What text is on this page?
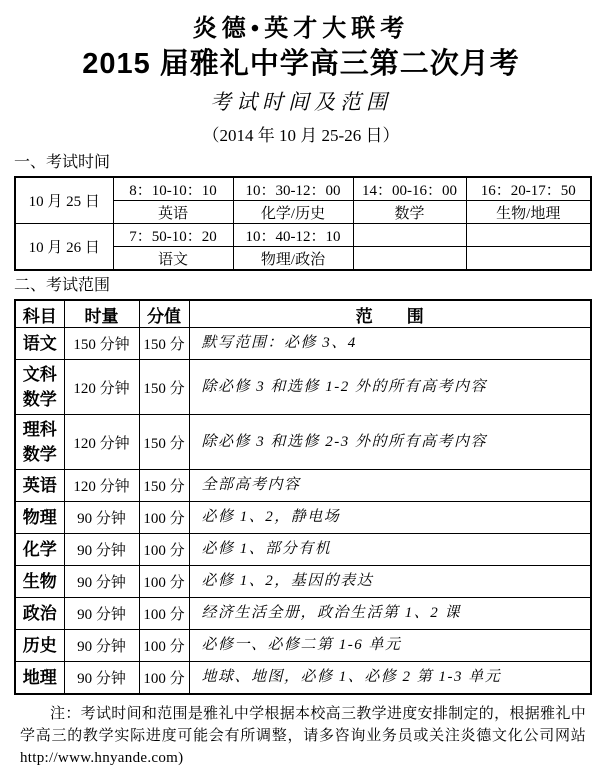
炎德•英才大联考
2015 届雅礼中学高三第二次月考
考试时间及范围
（2014 年 10 月 25-26 日）
一、考试时间
10 月 25 日	8：10-10：10	10：30-12：00	14：00-16：00	16：20-17：50
	英语	化学/历史	数学	生物/地理
10 月 26 日	7：50-10：20	10：40-12：10		
	语文	物理/政治		
二、考试范围
科目	时量	分值	范　　围
语文	150 分钟	150 分	默写范围：必修 3、4
文科数学	120 分钟	150 分	除必修 3 和选修 1-2 外的所有高考内容
理科数学	120 分钟	150 分	除必修 3 和选修 2-3 外的所有高考内容
英语	120 分钟	150 分	全部高考内容
物理	90 分钟	100 分	必修 1、2，静电场
化学	90 分钟	100 分	必修 1、部分有机
生物	90 分钟	100 分	必修 1、2，基因的表达
政治	90 分钟	100 分	经济生活全册，政治生活第 1、2 课
历史	90 分钟	100 分	必修一、必修二第 1-6 单元
地理	90 分钟	100 分	地球、地图，必修 1、必修 2 第 1-3 单元

注：考试时间和范围是雅礼中学根据本校高三教学进度安排制定的，根据雅礼中学高三的教学实际进度可能会有所调整，请多咨询业务员或关注炎德文化公司网站http://www.hnyande.com)
